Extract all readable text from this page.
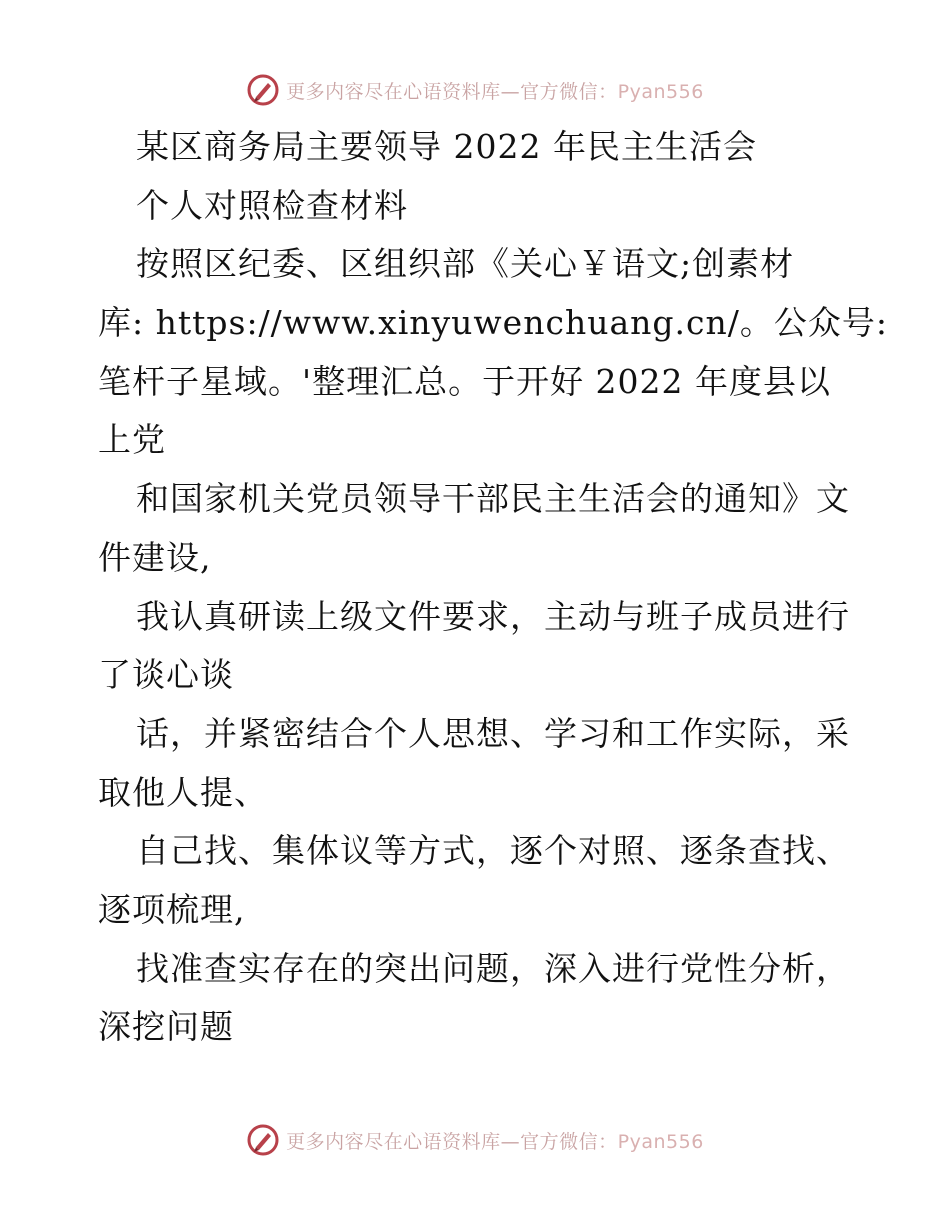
更多内容尽在心语资料库—官方微信：Pyan556
某区商务局主要领导 2022 年民主生活会
个人对照检查材料
按照区纪委、区组织部《关心￥语文;创素材
库: https://www.xinyuwenchuang.cn/。公众号:
笔杆子星域。'整理汇总。于开好 2022 年度县以
上党
和国家机关党员领导干部民主生活会的通知》文
件建设,
我认真研读上级文件要求，主动与班子成员进行
了谈心谈
话，并紧密结合个人思想、学习和工作实际，采
取他人提、
自己找、集体议等方式，逐个对照、逐条查找、
逐项梳理,
找准查实存在的突出问题，深入进行党性分析，
深挖问题
更多内容尽在心语资料库—官方微信：Pyan556
